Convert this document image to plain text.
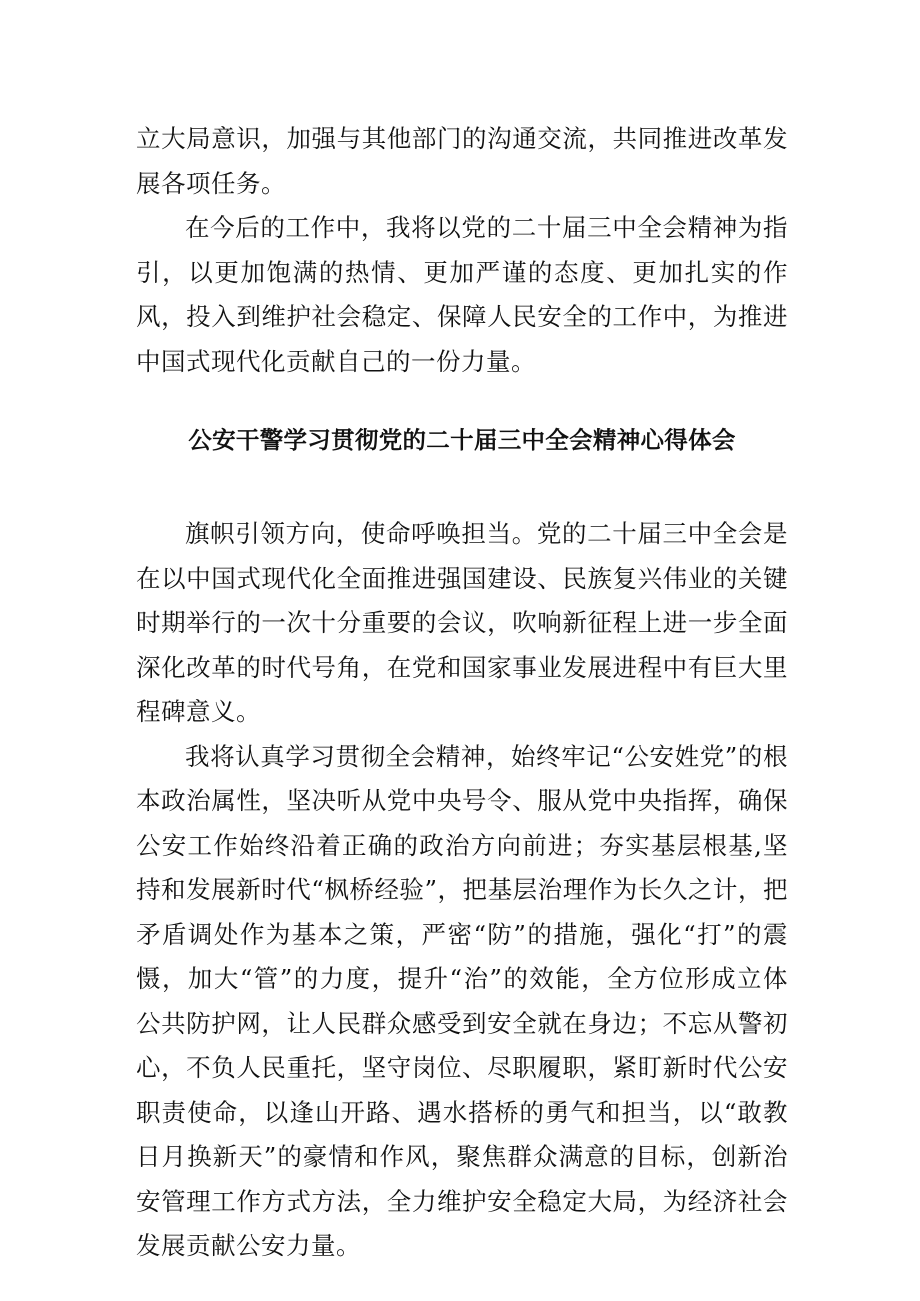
立大局意识，加强与其他部门的沟通交流，共同推进改革发展各项任务。

在今后的工作中，我将以党的二十届三中全会精神为指引，以更加饱满的热情、更加严谨的态度、更加扎实的作风，投入到维护社会稳定、保障人民安全的工作中，为推进中国式现代化贡献自己的一份力量。

公安干警学习贯彻党的二十届三中全会精神心得体会

旗帜引领方向，使命呼唤担当。党的二十届三中全会是在以中国式现代化全面推进强国建设、民族复兴伟业的关键时期举行的一次十分重要的会议，吹响新征程上进一步全面深化改革的时代号角，在党和国家事业发展进程中有巨大里程碑意义。

我将认真学习贯彻全会精神，始终牢记“公安姓党”的根本政治属性，坚决听从党中央号令、服从党中央指挥，确保公安工作始终沿着正确的政治方向前进；夯实基层根基,坚持和发展新时代“枫桥经验”，把基层治理作为长久之计，把矛盾调处作为基本之策，严密“防”的措施，强化“打”的震慑，加大“管”的力度，提升“治”的效能，全方位形成立体公共防护网，让人民群众感受到安全就在身边；不忘从警初心，不负人民重托，坚守岗位、尽职履职，紧盯新时代公安职责使命，以逢山开路、遇水搭桥的勇气和担当，以“敢教日月换新天”的豪情和作风，聚焦群众满意的目标，创新治安管理工作方式方法，全力维护安全稳定大局，为经济社会发展贡献公安力量。
